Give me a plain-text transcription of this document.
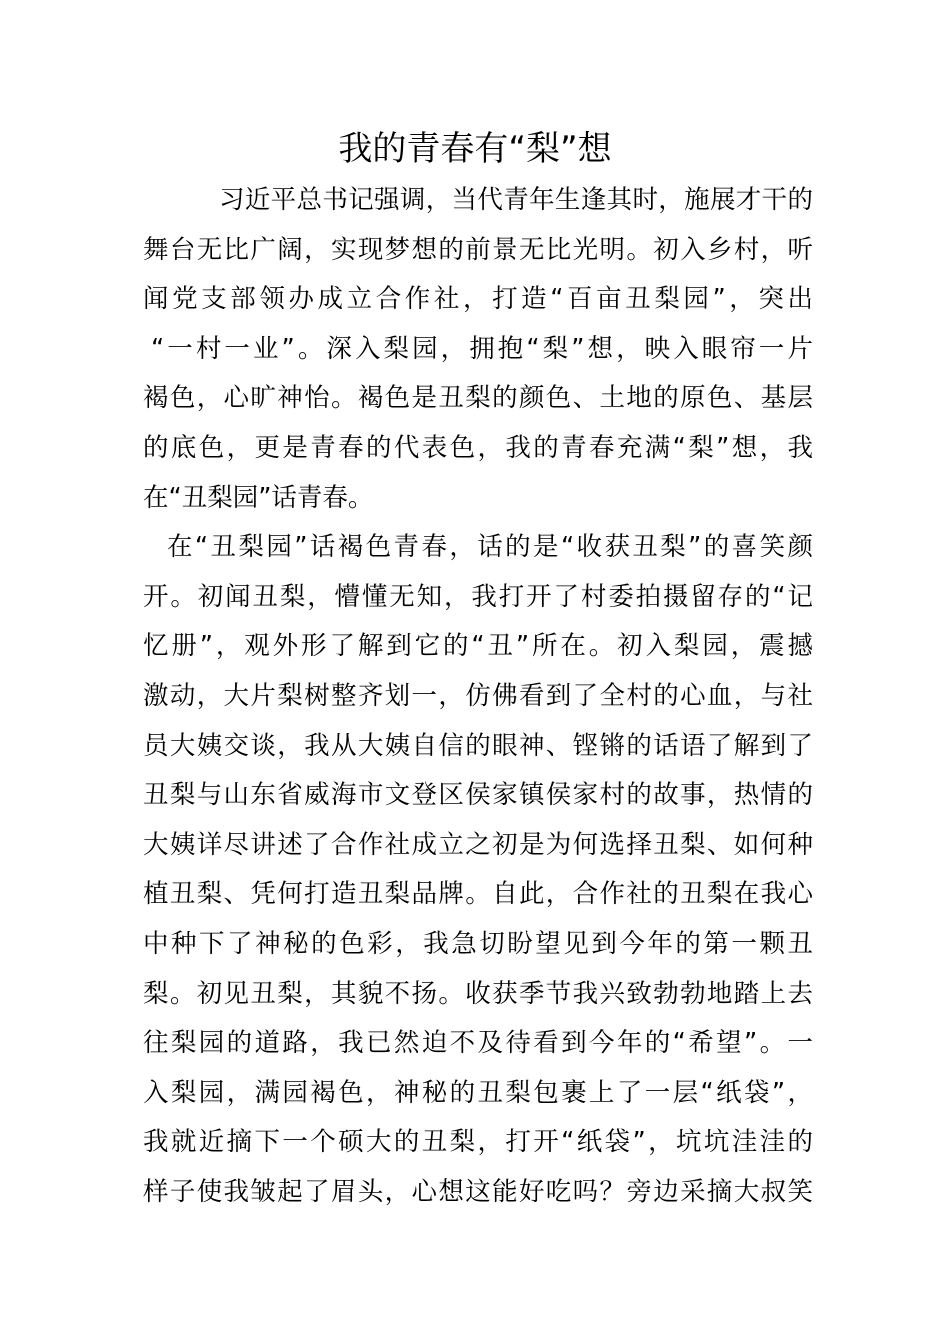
我的青春有“梨”想
习近平总书记强调，当代青年生逢其时，施展才干的
舞台无比广阔，实现梦想的前景无比光明。初入乡村，听
闻党支部领办成立合作社，打造“百亩丑梨园”，突出
“一村一业”。深入梨园，拥抱“梨”想，映入眼帘一片
褐色，心旷神怡。褐色是丑梨的颜色、土地的原色、基层
的底色，更是青春的代表色，我的青春充满“梨”想，我
在“丑梨园”话青春。
在“丑梨园”话褐色青春，话的是“收获丑梨”的喜笑颜
开。初闻丑梨，懵懂无知，我打开了村委拍摄留存的“记
忆册”，观外形了解到它的“丑”所在。初入梨园，震撼
激动，大片梨树整齐划一，仿佛看到了全村的心血，与社
员大姨交谈，我从大姨自信的眼神、铿锵的话语了解到了
丑梨与山东省威海市文登区侯家镇侯家村的故事，热情的
大姨详尽讲述了合作社成立之初是为何选择丑梨、如何种
植丑梨、凭何打造丑梨品牌。自此，合作社的丑梨在我心
中种下了神秘的色彩，我急切盼望见到今年的第一颗丑
梨。初见丑梨，其貌不扬。收获季节我兴致勃勃地踏上去
往梨园的道路，我已然迫不及待看到今年的“希望”。一
入梨园，满园褐色，神秘的丑梨包裹上了一层“纸袋”，
我就近摘下一个硕大的丑梨，打开“纸袋”，坑坑洼洼的
样子使我皱起了眉头，心想这能好吃吗？旁边采摘大叔笑
